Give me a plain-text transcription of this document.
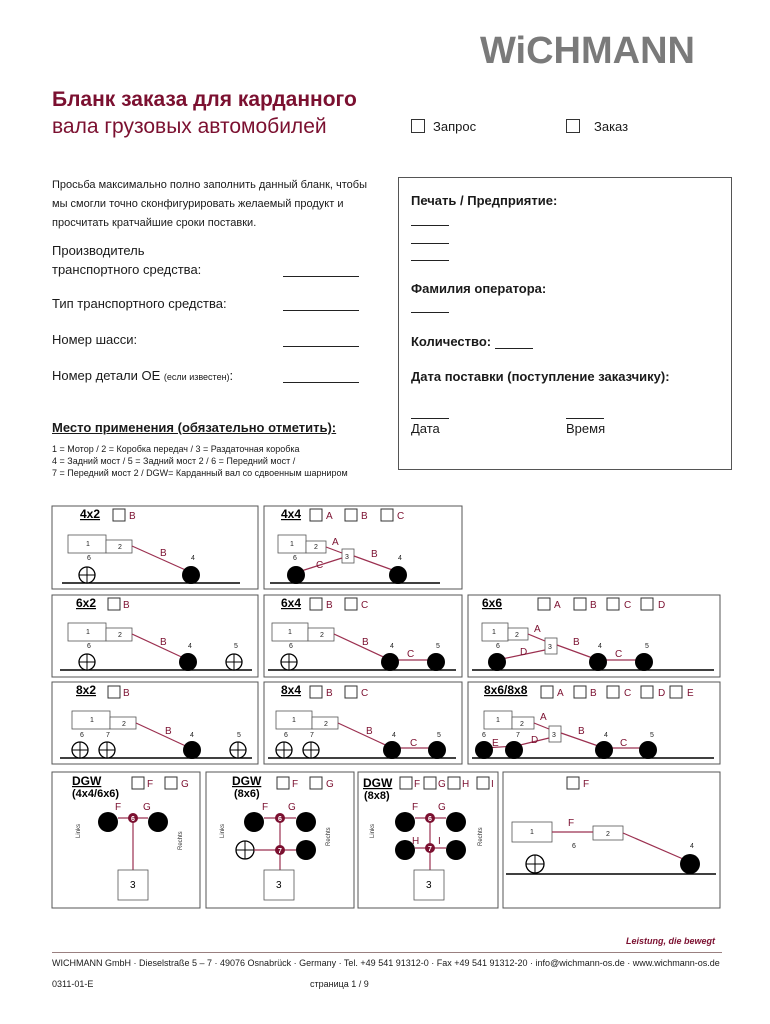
WiCHMANN
Бланк заказа для карданного
вала грузовых автомобилей	Запрос	Заказ
Просьба максимально полно заполнить данный бланк, чтобы мы смогли точно сконфигурировать желаемый продукт и просчитать кратчайшие сроки поставки.
Производитель
транспортного средства:
Тип транспортного средства:
Номер шасси:
Номер детали ОЕ (если известен):
Печать / Предприятие:
Фамилия оператора:
Количество:
Дата поставки (поступление заказчику):
Дата	Время
Место применения (обязательно отметить):
1 = Мотор / 2 = Коробка передач / 3 = Раздаточная коробка
4 = Задний мост / 5 = Задний мост 2 / 6 = Передний мост /
7 = Передний мост 2 / DGW= Карданный вал со сдвоенным шарниром
4x2	B
1	2
6	4
B
4x4 A	B	C
1	2
3
A
B
C
6	4
6x2	B
1	2
B
6	4	5
6x4 B	C
1	2
B
C
6	4	5
6x6	A	B	C	D
1	2
3
A
B
C
D
6	4	5
8x2	B
1
2
B
6	7	4	5
8x4 B	C
1
2
B
C
6	7	4	5
8x6/8x8	A	B	C	D E
1
2
3
A
B
C
D
E
6	7	4	5
DGW
(4x4/6x6)
F	G
Links
Rechts
6
F G
3
DGW
(8x6)
F	G
Links	Rechts
6
7
F G
3
DGW
(8x8)
F G H I
Links	Rechts
6
7
F G
H I
3
F
1	2
F
6	4
Leistung, die bewegt
WICHMANN GmbH · Dieselstraße 5 – 7 · 49076 Osnabrück · Germany · Tel. +49 541 91312-0 · Fax +49 541 91312-20 · info@wichmann-os.de · www.wichmann-os.de
0311-01-E	страница 1 / 9
